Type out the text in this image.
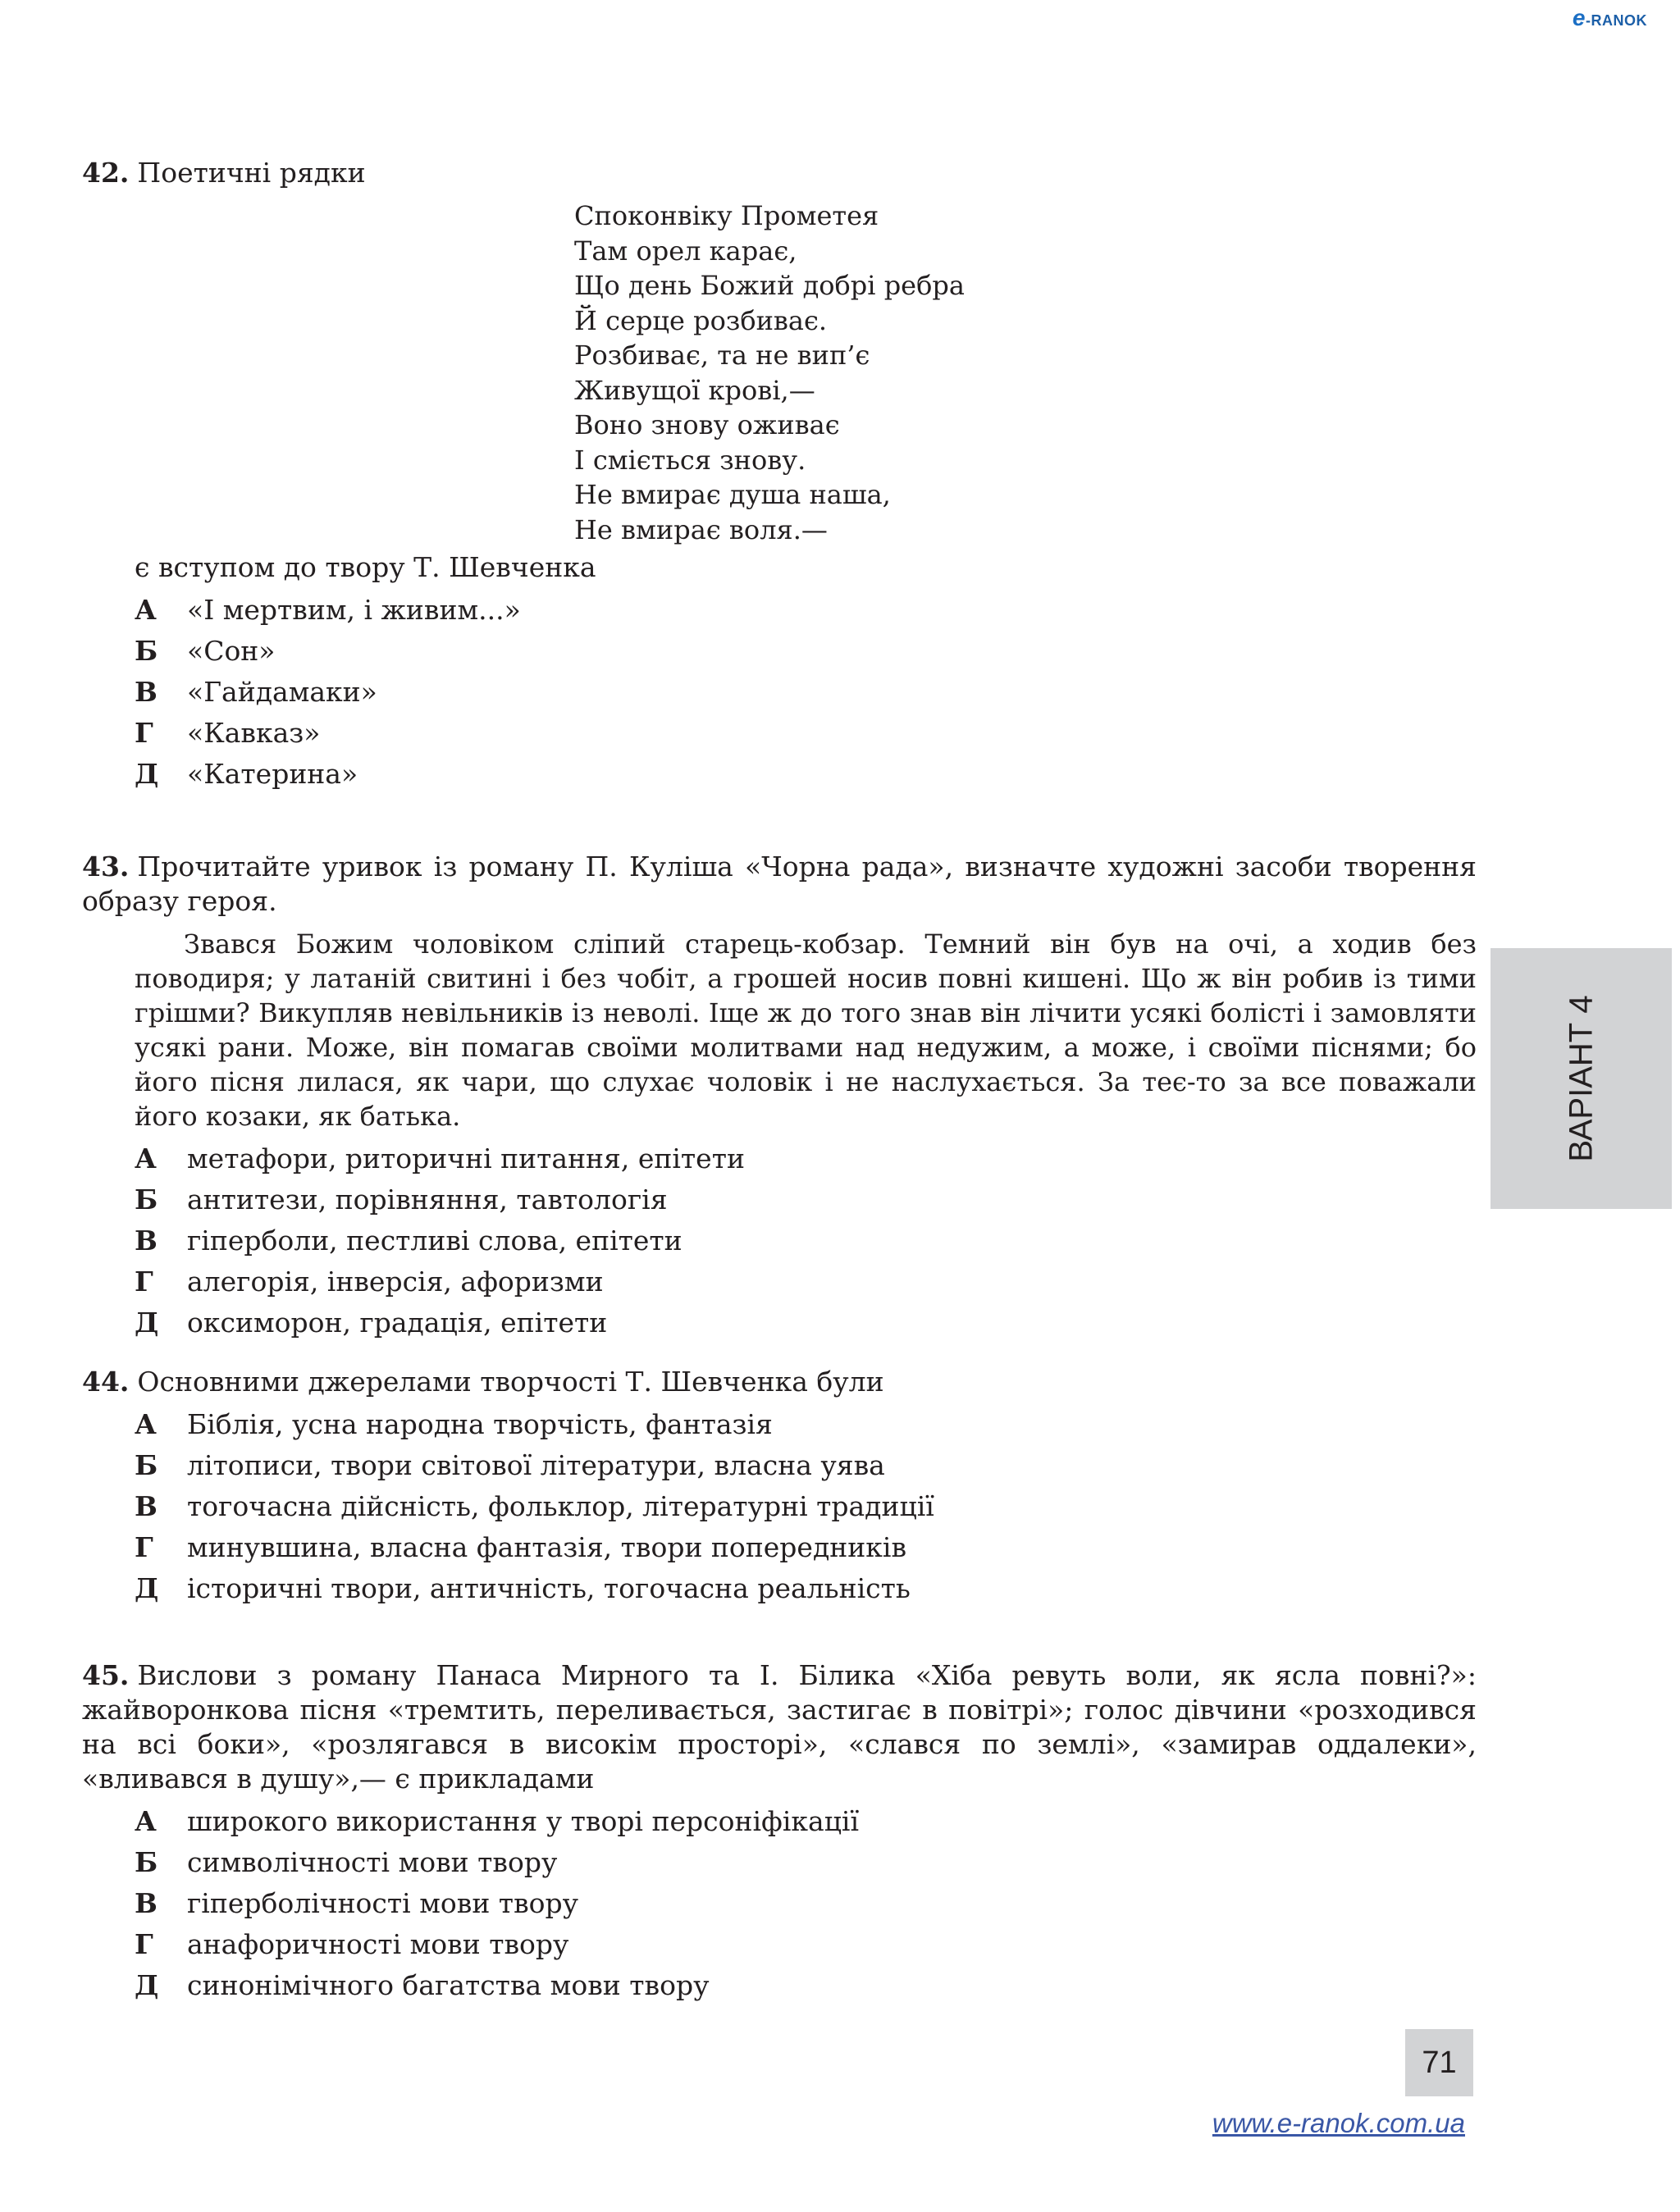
e-RANOK
42. Поетичні рядки
Споконвіку Прометея
Там орел карає,
Що день Божий добрі ребра
Й серце розбиває.
Розбиває, та не вип’є
Живущої крові,—
Воно знову оживає
І сміється знову.
Не вмирає душа наша,
Не вмирає воля.—
є вступом до твору Т. Шевченка
А	«І мертвим, і живим...»
Б	«Сон»
В	«Гайдамаки»
Г	«Кавказ»
Д	«Катерина»
43. Прочитайте уривок із роману П. Куліша «Чорна рада», визначте художні засоби творення образу героя.
Звався Божим чоловіком сліпий старець-кобзар. Темний він був на очі, а ходив без поводиря; у латаній свитині і без чобіт, а грошей носив повні кишені. Що ж він робив із тими грішми? Викупляв невільників із неволі. Іще ж до того знав він лічити усякі болісті і замовляти усякі рани. Може, він помагав своїми молитвами над недужим, а може, і своїми піснями; бо його пісня лилася, як чари, що слухає чоловік і не наслухається. За теє-то за все поважали його козаки, як батька.
А	метафори, риторичні питання, епітети
Б	антитези, порівняння, тавтологія
В	гіперболи, пестливі слова, епітети
Г	алегорія, інверсія, афоризми
Д	оксиморон, градація, епітети
44. Основними джерелами творчості Т. Шевченка були
А	Біблія, усна народна творчість, фантазія
Б	літописи, твори світової літератури, власна уява
В	тогочасна дійсність, фольклор, літературні традиції
Г	минувшина, власна фантазія, твори попередників
Д	історичні твори, античність, тогочасна реальність
45. Вислови з роману Панаса Мирного та І. Білика «Хіба ревуть воли, як ясла повні?»: жайворонкова пісня «тремтить, переливається, застигає в повітрі»; голос дівчини «розходився на всі боки», «розлягався в високім просторі», «слався по землі», «замирав оддалеки», «вливався в душу»,— є прикладами
А	широкого використання у творі персоніфікації
Б	символічності мови твору
В	гіперболічності мови твору
Г	анафоричності мови твору
Д	синонімічного багатства мови твору
ВАРІАНТ 4
71
www.e-ranok.com.ua
